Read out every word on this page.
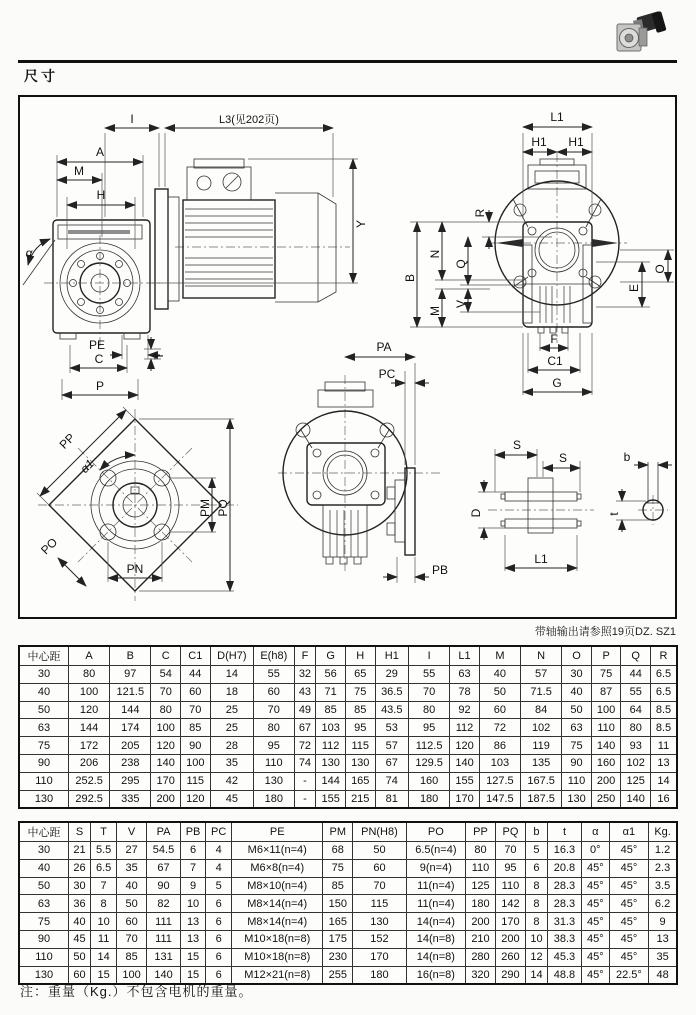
尺寸
α
I	L3(见202页)
A
M
H
Y
PE
C
P
T
L1
H1 H1
R
B
N
Q
M
V
O
E
F
C1
G
PP
α1
PO
PM PQ
PN
PA
PC
PB
S
S
D
L1
b
t
带轴输出请参照19页DZ. SZ1
中心距	A	B	C	C1	D(H7)	E(h8)	F	G	H	H1	I	L1	M	N	O	P	Q	R
30	80	97	54	44	14	55	32	56	65	29	55	63	40	57	30	75	44	6.5
40	100	121.5	70	60	18	60	43	71	75	36.5	70	78	50	71.5	40	87	55	6.5
50	120	144	80	70	25	70	49	85	85	43.5	80	92	60	84	50	100	64	8.5
63	144	174	100	85	25	80	67	103	95	53	95	112	72	102	63	110	80	8.5
75	172	205	120	90	28	95	72	112	115	57	112.5	120	86	119	75	140	93	11
90	206	238	140	100	35	110	74	130	130	67	129.5	140	103	135	90	160	102	13
110	252.5	295	170	115	42	130	-	144	165	74	160	155	127.5	167.5	110	200	125	14
130	292.5	335	200	120	45	180	-	155	215	81	180	170	147.5	187.5	130	250	140	16
中心距	S	T	V	PA	PB	PC	PE	PM	PN(H8)	PO	PP	PQ	b	t	α	α1	Kg.
30	21	5.5	27	54.5	6	4	M6×11(n=4)	68	50	6.5(n=4)	80	70	5	16.3	0°	45°	1.2
40	26	6.5	35	67	7	4	M6×8(n=4)	75	60	9(n=4)	110	95	6	20.8	45°	45°	2.3
50	30	7	40	90	9	5	M8×10(n=4)	85	70	11(n=4)	125	110	8	28.3	45°	45°	3.5
63	36	8	50	82	10	6	M8×14(n=4)	150	115	11(n=4)	180	142	8	28.3	45°	45°	6.2
75	40	10	60	111	13	6	M8×14(n=4)	165	130	14(n=4)	200	170	8	31.3	45°	45°	9
90	45	11	70	111	13	6	M10×18(n=8)	175	152	14(n=8)	210	200	10	38.3	45°	45°	13
110	50	14	85	131	15	6	M10×18(n=8)	230	170	14(n=8)	280	260	12	45.3	45°	45°	35
130	60	15	100	140	15	6	M12×21(n=8)	255	180	16(n=8)	320	290	14	48.8	45°	22.5°	48
注：重量（Kg.）不包含电机的重量。
